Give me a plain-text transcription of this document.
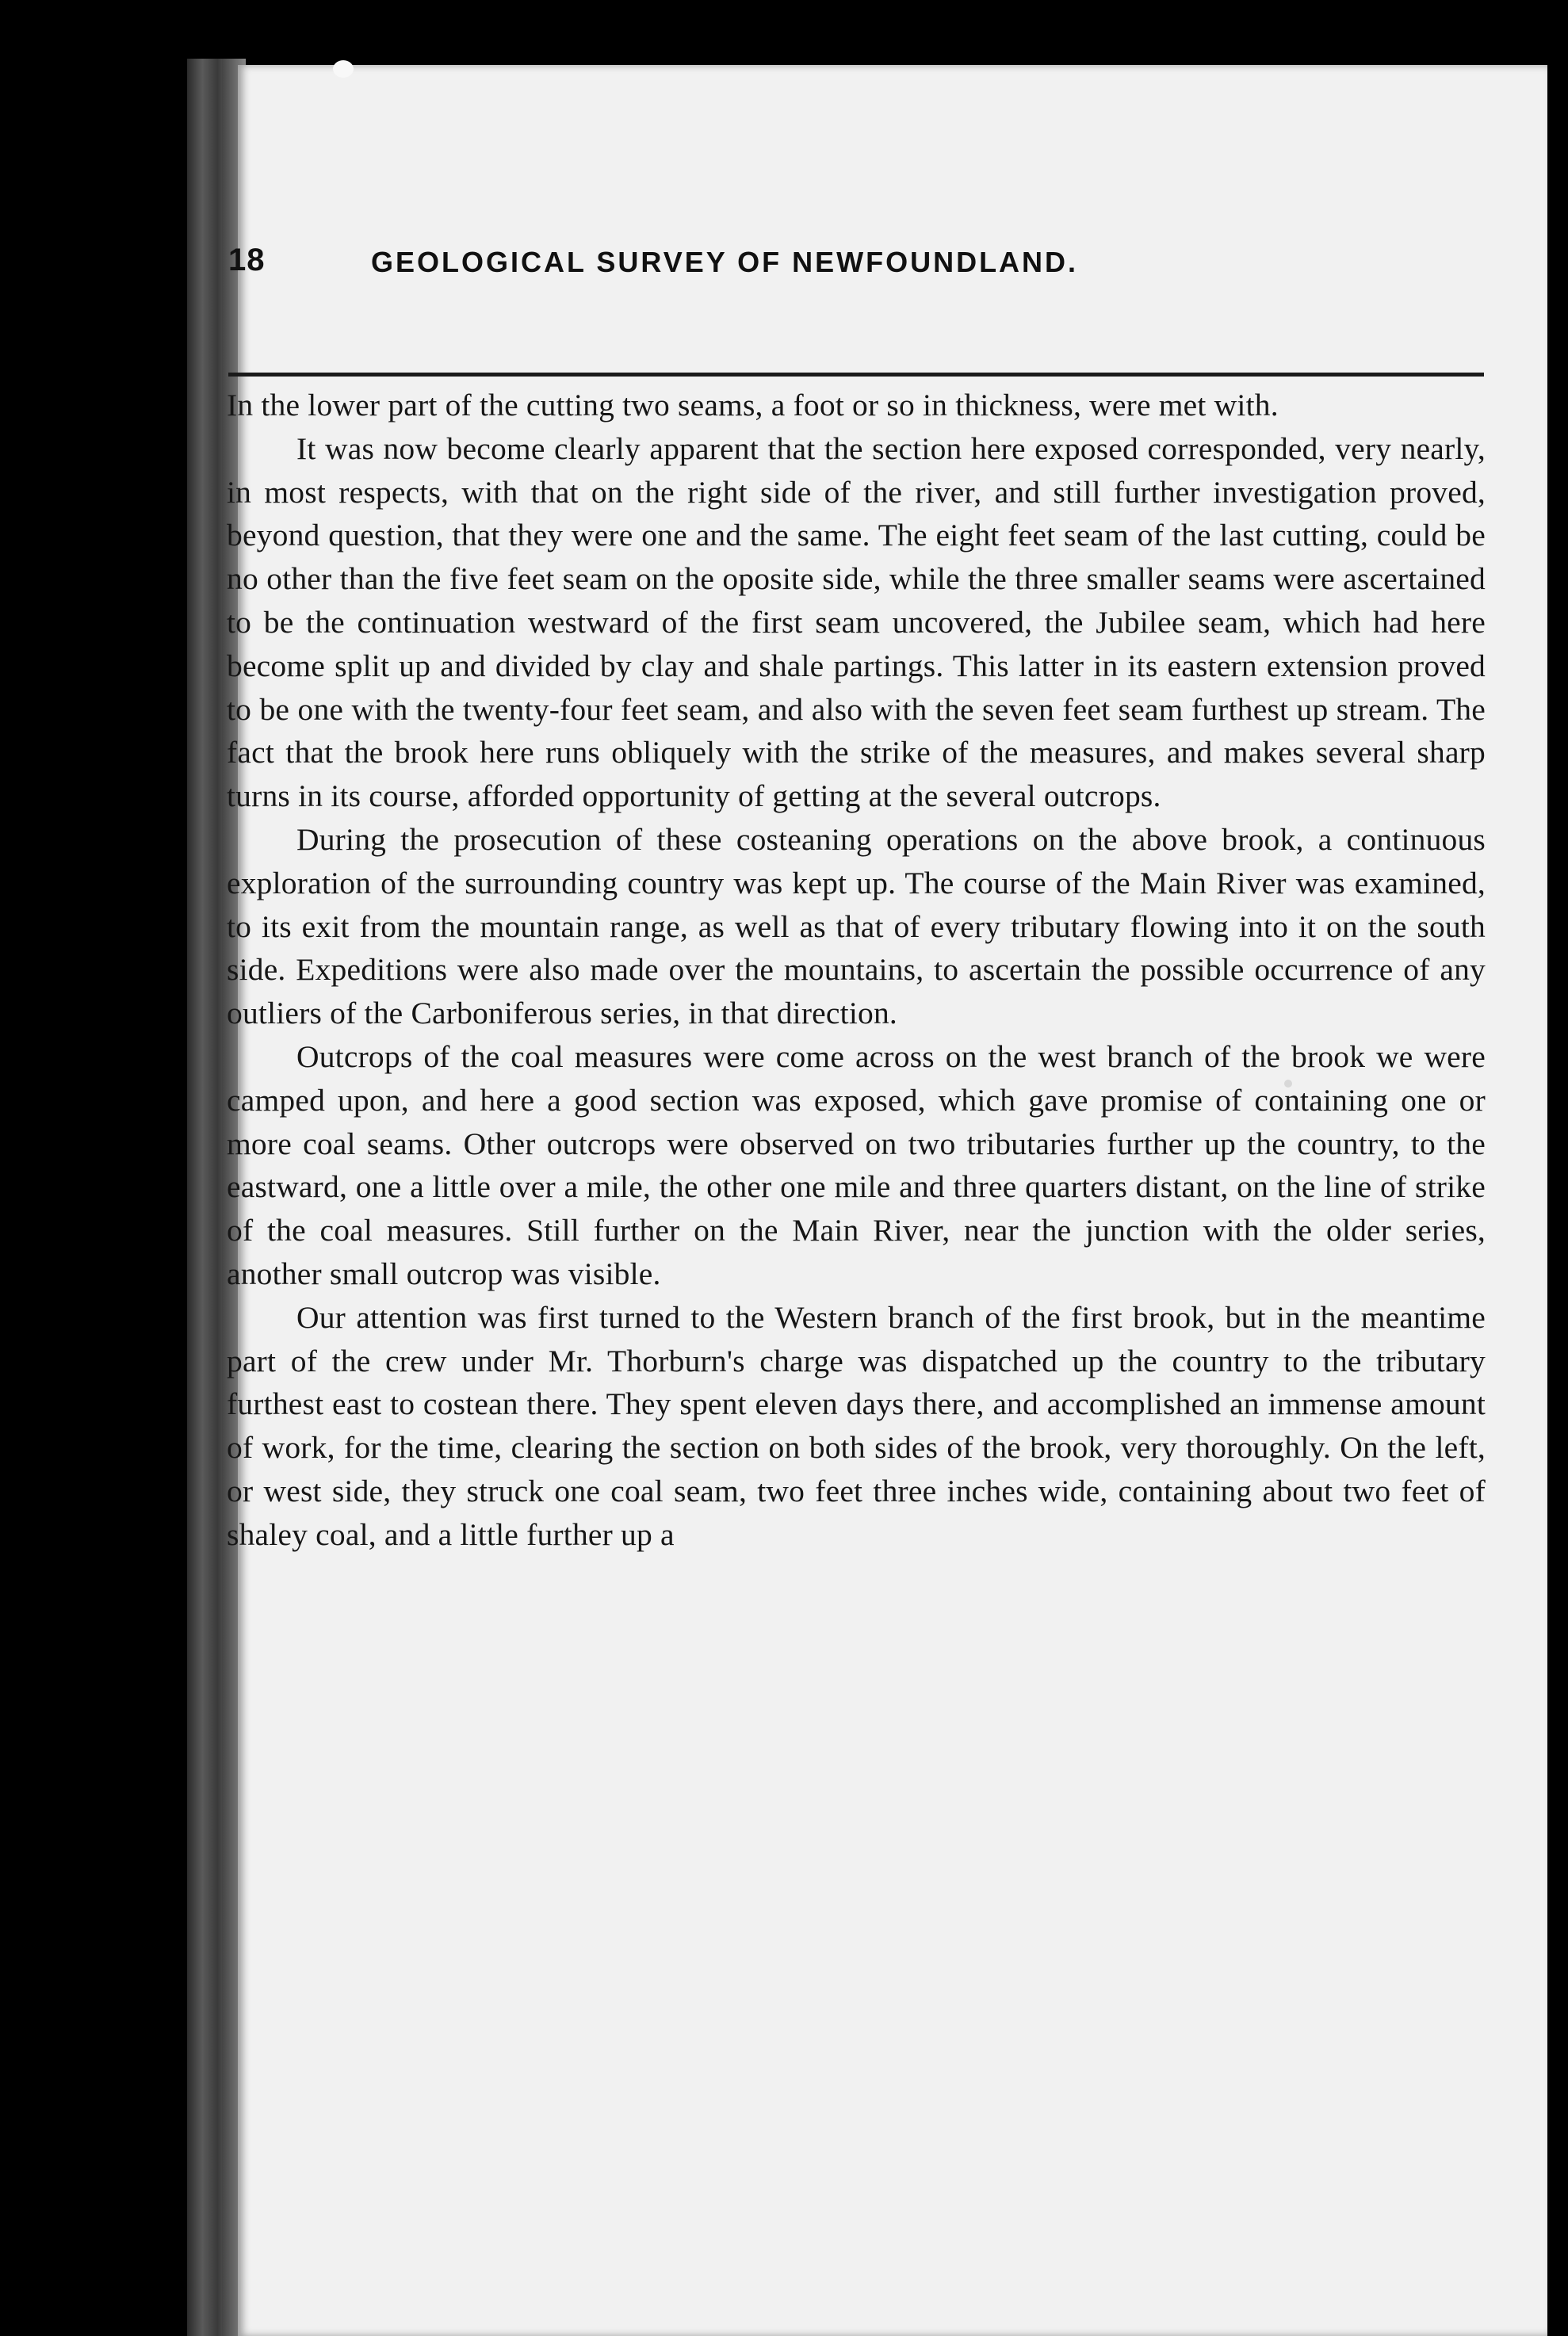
18	GEOLOGICAL SURVEY OF NEWFOUNDLAND.

In the lower part of the cutting two seams, a foot or so in thickness, were met with.

It was now become clearly apparent that the section here exposed corresponded, very nearly, in most respects, with that on the right side of the river, and still further investigation proved, beyond question, that they were one and the same. The eight feet seam of the last cutting, could be no other than the five feet seam on the oposite side, while the three smaller seams were ascertained to be the continuation westward of the first seam uncovered, the Jubilee seam, which had here become split up and divided by clay and shale partings. This latter in its eastern extension proved to be one with the twenty-four feet seam, and also with the seven feet seam furthest up stream. The fact that the brook here runs obliquely with the strike of the measures, and makes several sharp turns in its course, afforded opportunity of getting at the several outcrops.

During the prosecution of these costeaning operations on the above brook, a continuous exploration of the surrounding country was kept up. The course of the Main River was examined, to its exit from the mountain range, as well as that of every tributary flowing into it on the south side. Expeditions were also made over the mountains, to ascertain the possible occurrence of any outliers of the Carboniferous series, in that direction.

Outcrops of the coal measures were come across on the west branch of the brook we were camped upon, and here a good section was exposed, which gave promise of containing one or more coal seams. Other outcrops were observed on two tributaries further up the country, to the eastward, one a little over a mile, the other one mile and three quarters distant, on the line of strike of the coal measures. Still further on the Main River, near the junction with the older series, another small outcrop was visible.

Our attention was first turned to the Western branch of the first brook, but in the meantime part of the crew under Mr. Thorburn's charge was dispatched up the country to the tributary furthest east to costean there. They spent eleven days there, and accomplished an immense amount of work, for the time, clearing the section on both sides of the brook, very thoroughly. On the left, or west side, they struck one coal seam, two feet three inches wide, containing about two feet of shaley coal, and a little further up a
